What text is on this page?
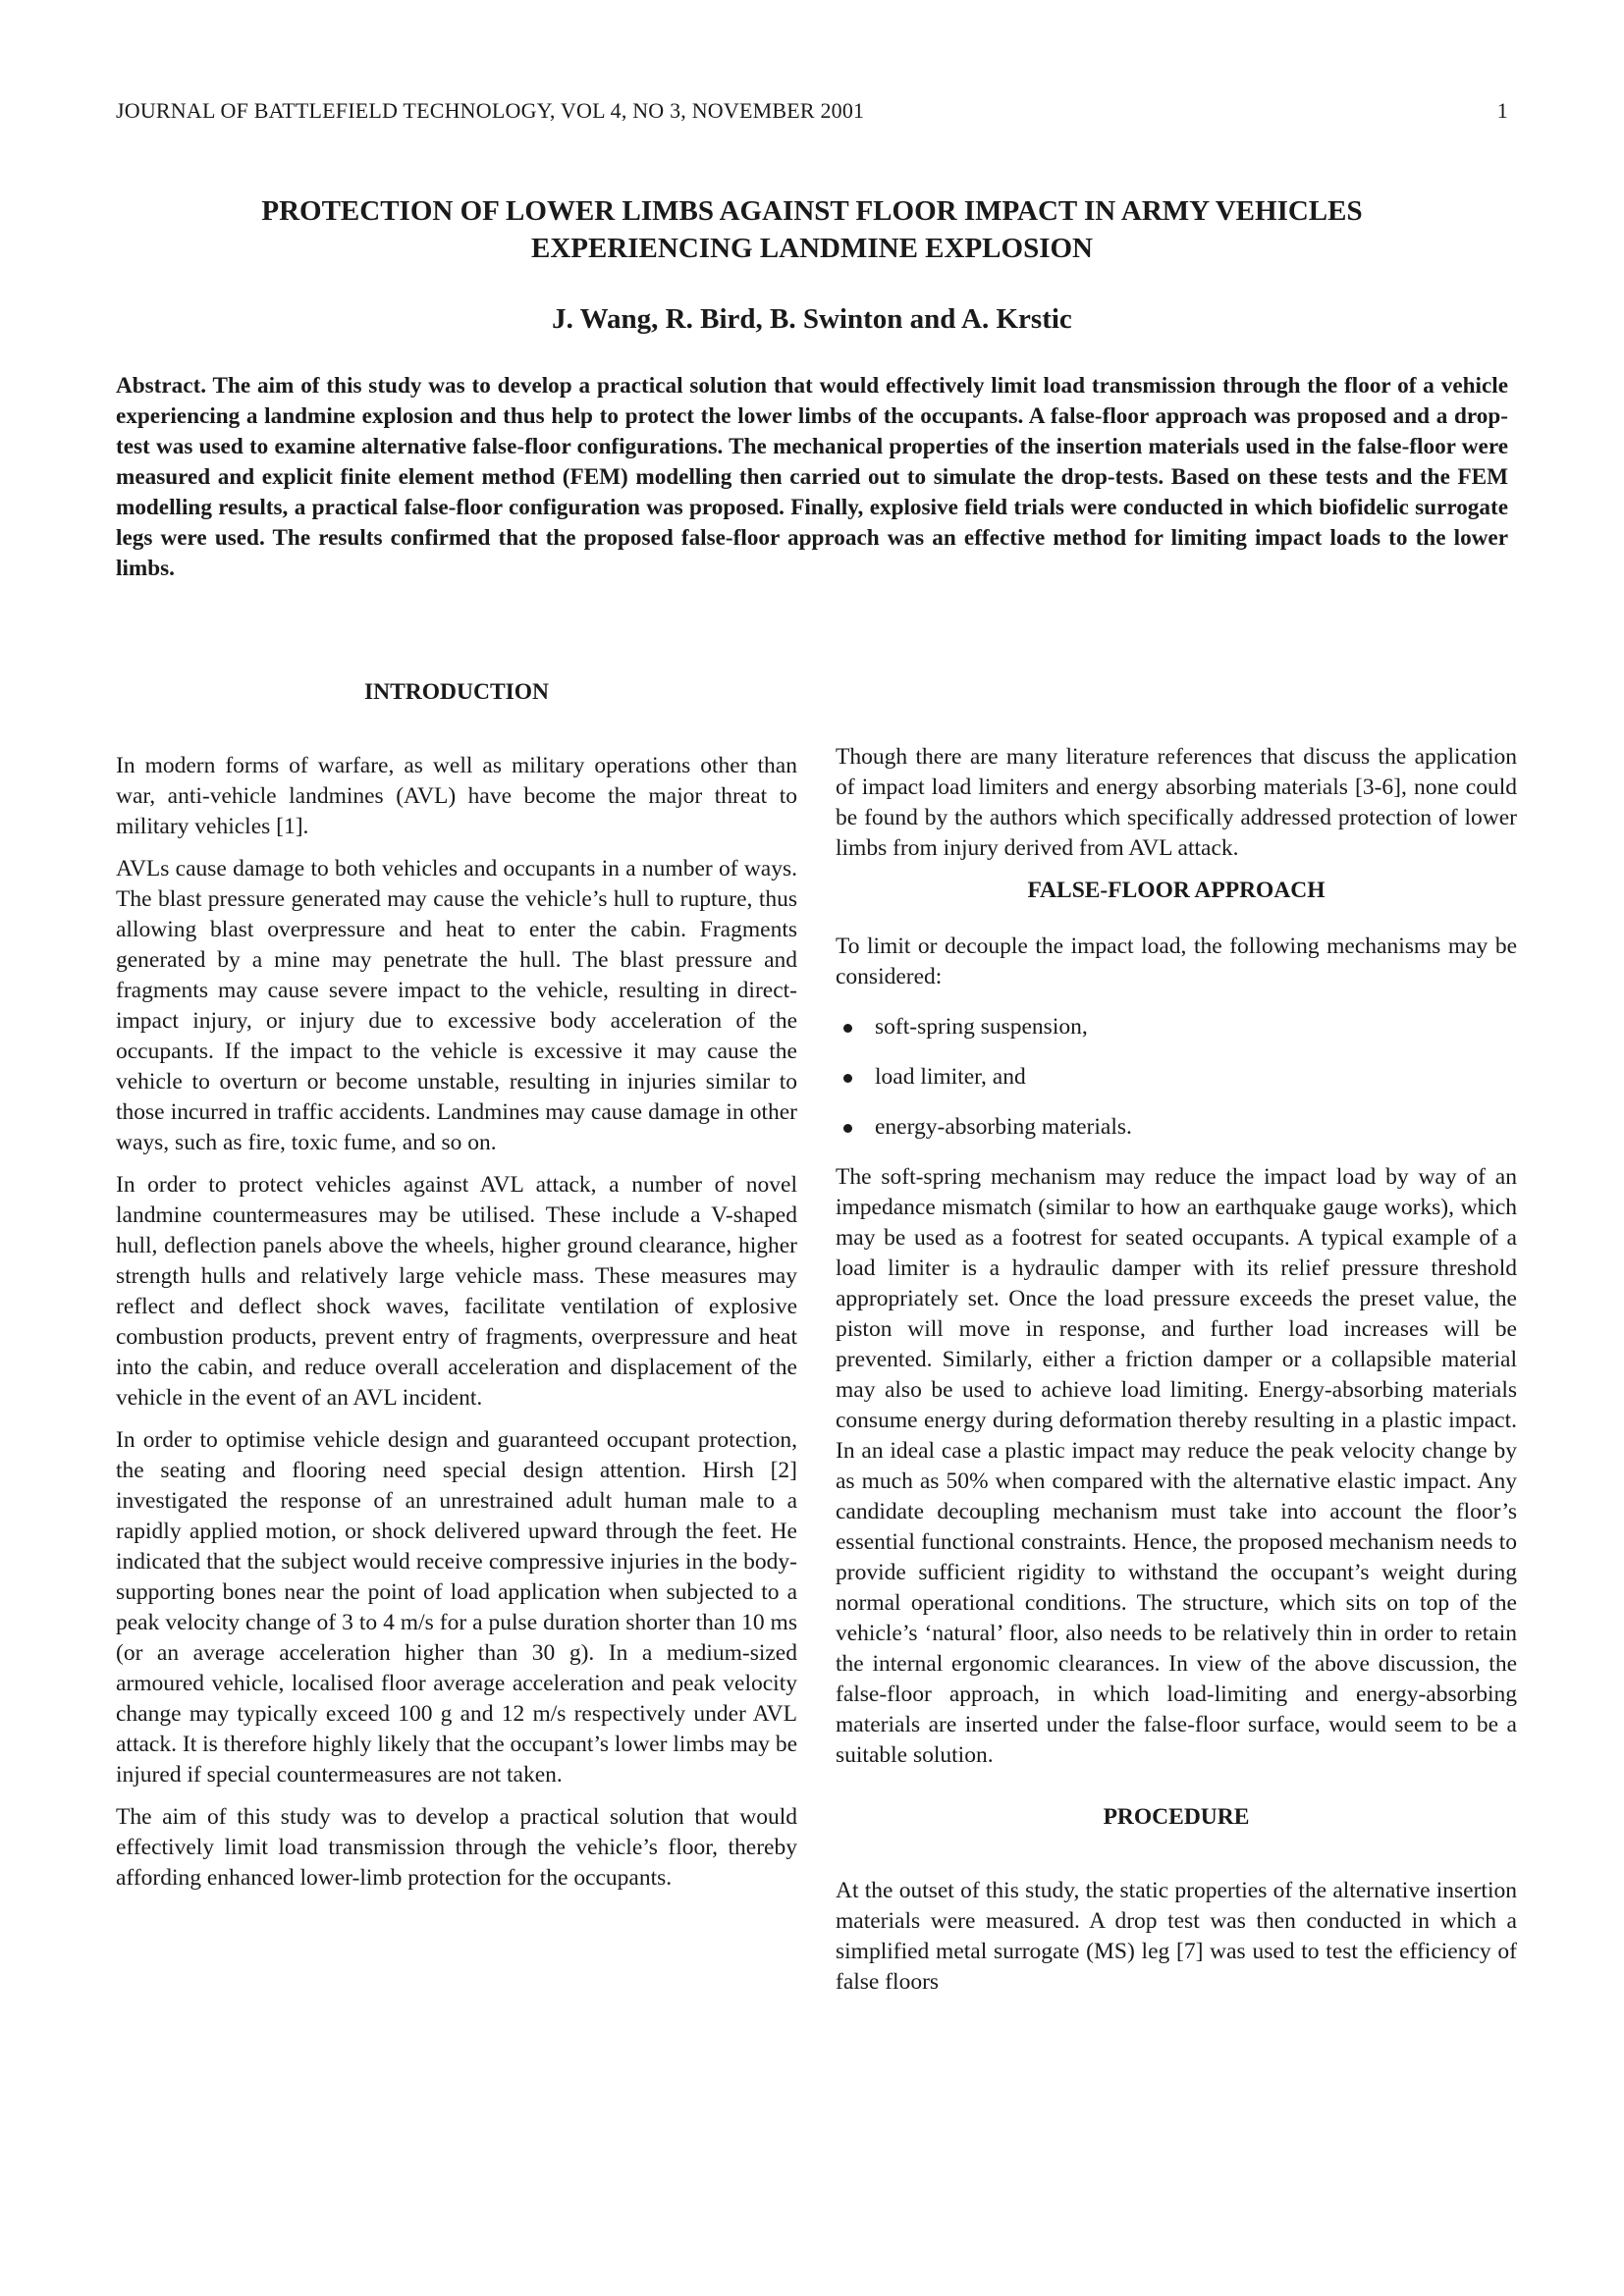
JOURNAL OF BATTLEFIELD TECHNOLOGY, VOL 4, NO 3, NOVEMBER 2001	1
PROTECTION OF LOWER LIMBS AGAINST FLOOR IMPACT IN ARMY VEHICLES
EXPERIENCING LANDMINE EXPLOSION
J. Wang, R. Bird, B. Swinton and A. Krstic
Abstract. The aim of this study was to develop a practical solution that would effectively limit load transmission through the floor of a vehicle experiencing a landmine explosion and thus help to protect the lower limbs of the occupants. A false-floor approach was proposed and a drop-test was used to examine alternative false-floor configurations. The mechanical properties of the insertion materials used in the false-floor were measured and explicit finite element method (FEM) modelling then carried out to simulate the drop-tests. Based on these tests and the FEM modelling results, a practical false-floor configuration was proposed. Finally, explosive field trials were conducted in which biofidelic surrogate legs were used. The results confirmed that the proposed false-floor approach was an effective method for limiting impact loads to the lower limbs.
INTRODUCTION

In modern forms of warfare, as well as military operations other than war, anti-vehicle landmines (AVL) have become the major threat to military vehicles [1].

AVLs cause damage to both vehicles and occupants in a number of ways. The blast pressure generated may cause the vehicle’s hull to rupture, thus allowing blast overpressure and heat to enter the cabin. Fragments generated by a mine may penetrate the hull. The blast pressure and fragments may cause severe impact to the vehicle, resulting in direct-impact injury, or injury due to excessive body acceleration of the occupants. If the impact to the vehicle is excessive it may cause the vehicle to overturn or become unstable, resulting in injuries similar to those incurred in traffic accidents. Landmines may cause damage in other ways, such as fire, toxic fume, and so on.

In order to protect vehicles against AVL attack, a number of novel landmine countermeasures may be utilised. These include a V-shaped hull, deflection panels above the wheels, higher ground clearance, higher strength hulls and relatively large vehicle mass. These measures may reflect and deflect shock waves, facilitate ventilation of explosive combustion products, prevent entry of fragments, overpressure and heat into the cabin, and reduce overall acceleration and displacement of the vehicle in the event of an AVL incident.

In order to optimise vehicle design and guaranteed occupant protection, the seating and flooring need special design attention. Hirsh [2] investigated the response of an unrestrained adult human male to a rapidly applied motion, or shock delivered upward through the feet. He indicated that the subject would receive compressive injuries in the body-supporting bones near the point of load application when subjected to a peak velocity change of 3 to 4 m/s for a pulse duration shorter than 10 ms (or an average acceleration higher than 30 g). In a medium-sized armoured vehicle, localised floor average acceleration and peak velocity change may typically exceed 100 g and 12 m/s respectively under AVL attack. It is therefore highly likely that the occupant’s lower limbs may be injured if special countermeasures are not taken.

The aim of this study was to develop a practical solution that would effectively limit load transmission through the vehicle’s floor, thereby affording enhanced lower-limb protection for the occupants.

Though there are many literature references that discuss the application of impact load limiters and energy absorbing materials [3-6], none could be found by the authors which specifically addressed protection of lower limbs from injury derived from AVL attack.

FALSE-FLOOR APPROACH

To limit or decouple the impact load, the following mechanisms may be considered:

soft-spring suspension,
load limiter, and
energy-absorbing materials.

The soft-spring mechanism may reduce the impact load by way of an impedance mismatch (similar to how an earthquake gauge works), which may be used as a footrest for seated occupants. A typical example of a load limiter is a hydraulic damper with its relief pressure threshold appropriately set. Once the load pressure exceeds the preset value, the piston will move in response, and further load increases will be prevented. Similarly, either a friction damper or a collapsible material may also be used to achieve load limiting. Energy-absorbing materials consume energy during deformation thereby resulting in a plastic impact. In an ideal case a plastic impact may reduce the peak velocity change by as much as 50% when compared with the alternative elastic impact. Any candidate decoupling mechanism must take into account the floor’s essential functional constraints. Hence, the proposed mechanism needs to provide sufficient rigidity to withstand the occupant’s weight during normal operational conditions. The structure, which sits on top of the vehicle’s ‘natural’ floor, also needs to be relatively thin in order to retain the internal ergonomic clearances. In view of the above discussion, the false-floor approach, in which load-limiting and energy-absorbing materials are inserted under the false-floor surface, would seem to be a suitable solution.

PROCEDURE

At the outset of this study, the static properties of the alternative insertion materials were measured. A drop test was then conducted in which a simplified metal surrogate (MS) leg [7] was used to test the efficiency of false floors
